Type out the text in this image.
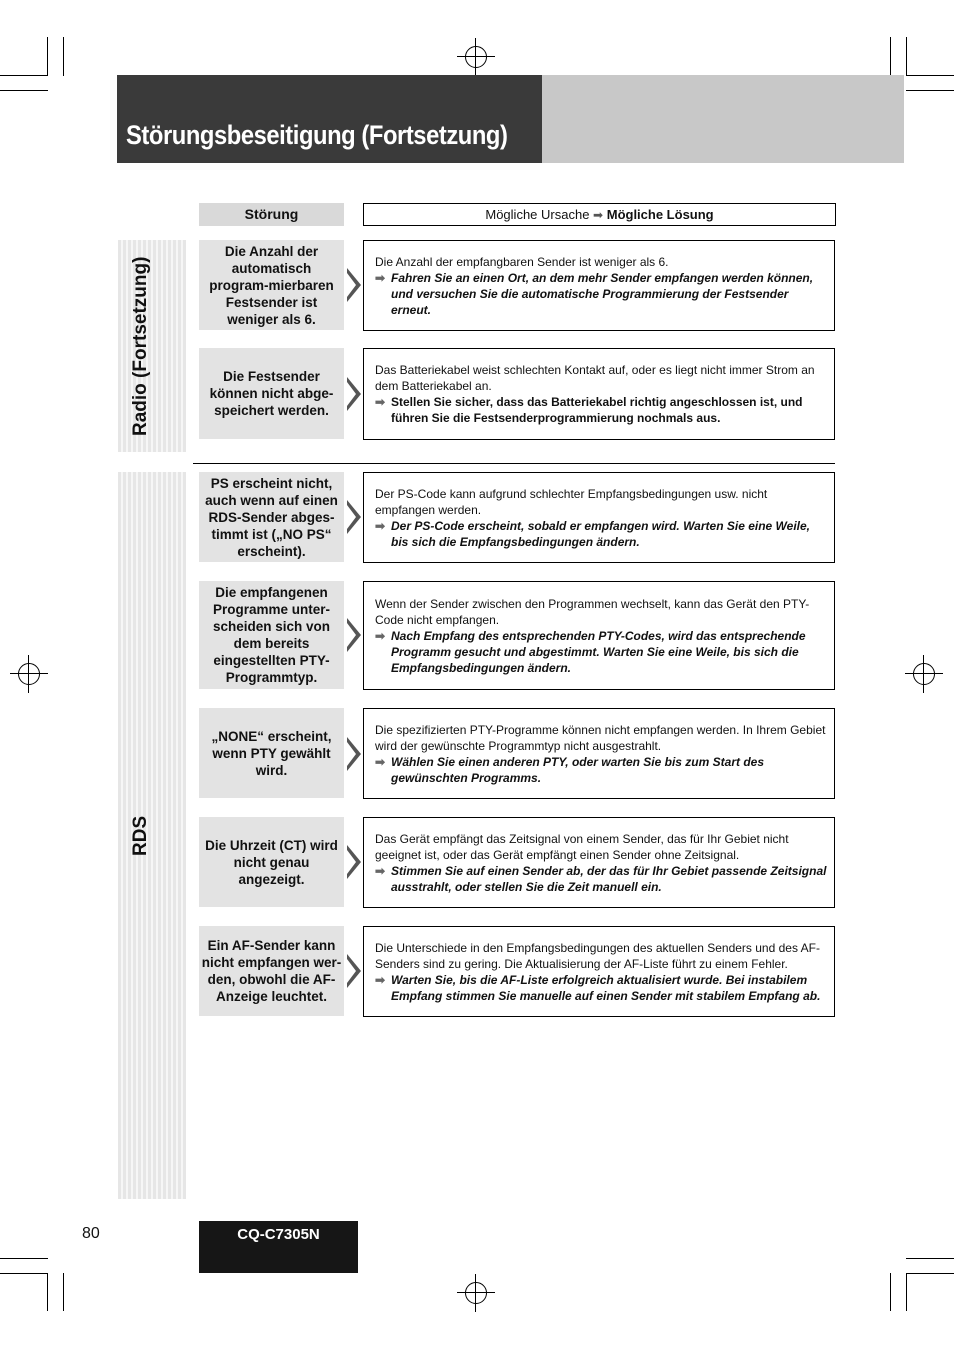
Störungsbeseitigung (Fortsetzung)
Störung	Mögliche Ursache ➡ Mögliche Lösung
Radio (Fortsetzung)
RDS
Die Anzahl der automatisch program-mierbaren Festsender ist weniger als 6.
Die Anzahl der empfangbaren Sender ist weniger als 6.
➡ Fahren Sie an einen Ort, an dem mehr Sender empfangen werden können, und versuchen Sie die automatische Programmierung der Festsender erneut.
Die Festsender können nicht abge-speichert werden.
Das Batteriekabel weist schlechten Kontakt auf, oder es liegt nicht immer Strom an dem Batteriekabel an.
➡ Stellen Sie sicher, dass das Batteriekabel richtig angeschlossen ist, und führen Sie die Festsenderprogrammierung nochmals aus.
PS erscheint nicht, auch wenn auf einen RDS-Sender abges-timmt ist („NO PS“ erscheint).
Der PS-Code kann aufgrund schlechter Empfangsbedingungen usw. nicht empfangen werden.
➡ Der PS-Code erscheint, sobald er empfangen wird. Warten Sie eine Weile, bis sich die Empfangsbedingungen ändern.
Die empfangenen Programme unter-scheiden sich von dem bereits eingestellten PTY-Programmtyp.
Wenn der Sender zwischen den Programmen wechselt, kann das Gerät den PTY-Code nicht empfangen.
➡ Nach Empfang des entsprechenden PTY-Codes, wird das entsprechende Programm gesucht und abgestimmt. Warten Sie eine Weile, bis sich die Empfangsbedingungen ändern.
„NONE“ erscheint, wenn PTY gewählt wird.
Die spezifizierten PTY-Programme können nicht empfangen werden. In Ihrem Gebiet wird der gewünschte Programmtyp nicht ausgestrahlt.
➡ Wählen Sie einen anderen PTY, oder warten Sie bis zum Start des gewünschten Programms.
Die Uhrzeit (CT) wird nicht genau angezeigt.
Das Gerät empfängt das Zeitsignal von einem Sender, das für Ihr Gebiet nicht geeignet ist, oder das Gerät empfängt einen Sender ohne Zeitsignal.
➡ Stimmen Sie auf einen Sender ab, der das für Ihr Gebiet passende Zeitsignal ausstrahlt, oder stellen Sie die Zeit manuell ein.
Ein AF-Sender kann nicht empfangen wer-den, obwohl die AF-Anzeige leuchtet.
Die Unterschiede in den Empfangsbedingungen des aktuellen Senders und des AF-Senders sind zu gering. Die Aktualisierung der AF-Liste führt zu einem Fehler.
➡ Warten Sie, bis die AF-Liste erfolgreich aktualisiert wurde. Bei instabilem Empfang stimmen Sie manuelle auf einen Sender mit stabilem Empfang ab.
80	CQ-C7305N
